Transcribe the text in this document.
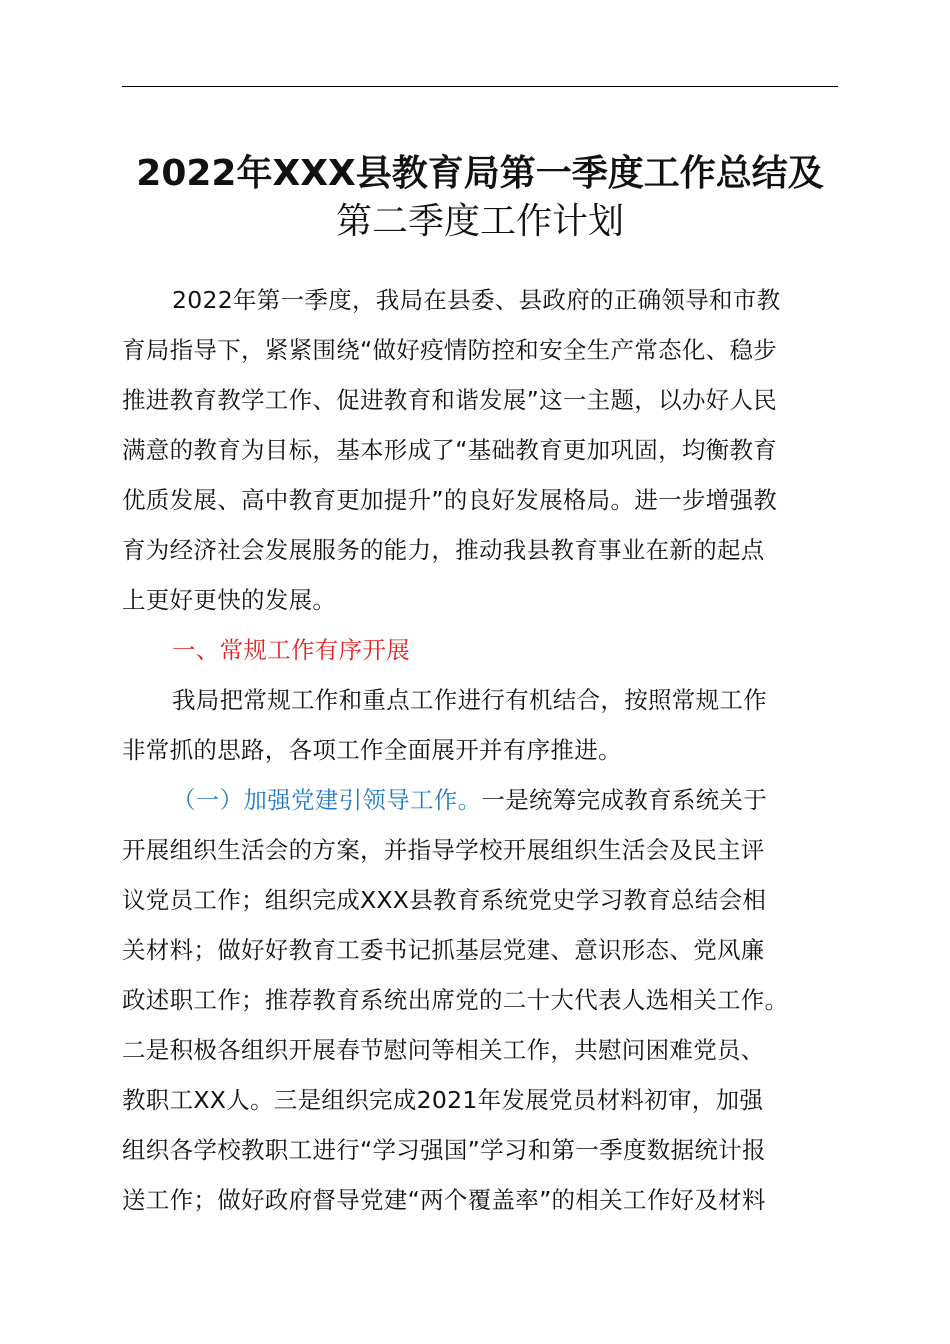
2022年XXX县教育局第一季度工作总结及
第二季度工作计划
2022年第一季度，我局在县委、县政府的正确领导和市教
育局指导下，紧紧围绕“做好疫情防控和安全生产常态化、稳步
推进教育教学工作、促进教育和谐发展”这一主题，以办好人民
满意的教育为目标，基本形成了“基础教育更加巩固，均衡教育
优质发展、高中教育更加提升”的良好发展格局。进一步增强教
育为经济社会发展服务的能力，推动我县教育事业在新的起点
上更好更快的发展。
一、常规工作有序开展
我局把常规工作和重点工作进行有机结合，按照常规工作
非常抓的思路，各项工作全面展开并有序推进。
（一）加强党建引领导工作。一是统筹完成教育系统关于
开展组织生活会的方案，并指导学校开展组织生活会及民主评
议党员工作；组织完成XXX县教育系统党史学习教育总结会相
关材料；做好好教育工委书记抓基层党建、意识形态、党风廉
政述职工作；推荐教育系统出席党的二十大代表人选相关工作。
二是积极各组织开展春节慰问等相关工作，共慰问困难党员、
教职工XX人。三是组织完成2021年发展党员材料初审，加强
组织各学校教职工进行“学习强国”学习和第一季度数据统计报
送工作；做好政府督导党建“两个覆盖率”的相关工作好及材料
